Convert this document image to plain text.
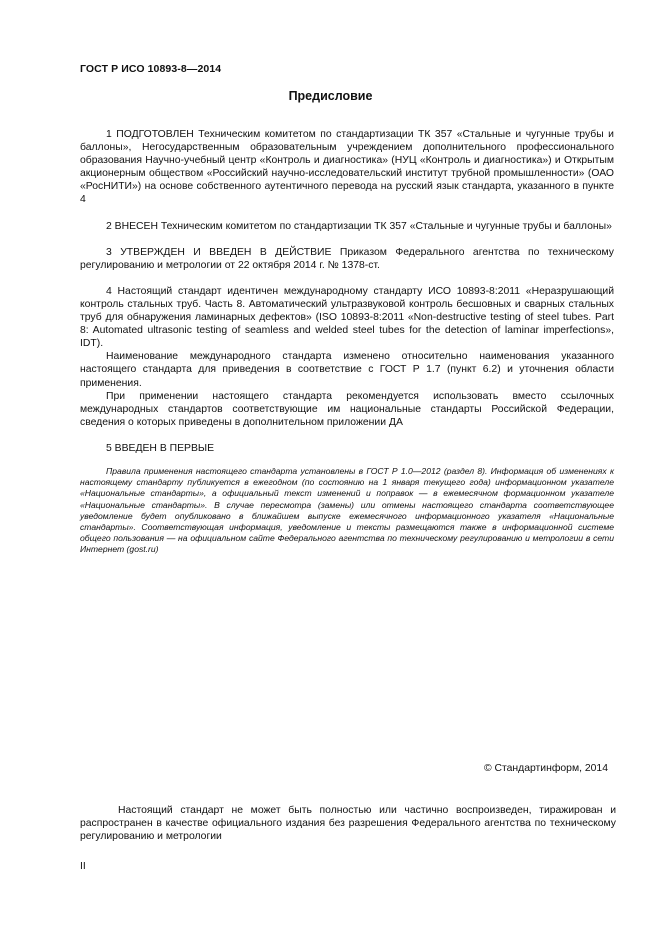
ГОСТ Р ИСО 10893-8—2014
Предисловие

1 ПОДГОТОВЛЕН Техническим комитетом по стандартизации ТК 357 «Стальные и чугунные трубы и баллоны», Негосударственным образовательным учреждением дополнительного профессионального образования Научно-учебный центр «Контроль и диагностика» (НУЦ «Контроль и диагностика») и Открытым акционерным обществом «Российский научно-исследовательский институт трубной промышленности» (ОАО «РосНИТИ») на основе собственного аутентичного перевода на русский язык стандарта, указанного в пункте 4

2 ВНЕСЕН Техническим комитетом по стандартизации ТК 357 «Стальные и чугунные трубы и баллоны»

3 УТВЕРЖДЕН И ВВЕДЕН В ДЕЙСТВИЕ Приказом Федерального агентства по техническому регулированию и метрологии от 22 октября 2014 г. № 1378-ст.

4 Настоящий стандарт идентичен международному стандарту ИСО 10893-8:2011 «Неразрушающий контроль стальных труб. Часть 8. Автоматический ультразвуковой контроль бесшовных и сварных стальных труб для обнаружения ламинарных дефектов» (ISO 10893-8:2011 «Non-destructive testing of steel tubes. Part 8: Automated ultrasonic testing of seamless and welded steel tubes for the detection of laminar imperfections», IDT).

Наименование международного стандарта изменено относительно наименования указанного настоящего стандарта для приведения в соответствие с ГОСТ Р 1.7 (пункт 6.2) и уточнения области применения.

При применении настоящего стандарта рекомендуется использовать вместо ссылочных международных стандартов соответствующие им национальные стандарты Российской Федерации, сведения о которых приведены в дополнительном приложении ДА

5 ВВЕДЕН В ПЕРВЫЕ

Правила применения настоящего стандарта установлены в ГОСТ Р 1.0—2012 (раздел 8). Информация об изменениях к настоящему стандарту публикуется в ежегодном (по состоянию на 1 января текущего года) информационном указателе «Национальные стандарты», а официальный текст изменений и поправок — в ежемесячном формационном указателе «Национальные стандарты». В случае пересмотра (замены) или отмены настоящего стандарта соответствующее уведомление будет опубликовано в ближайшем выпуске ежемесячного информационного указателя «Национальные стандарты». Соответствующая информация, уведомление и тексты размещаются также в информационной системе общего пользования — на официальном сайте Федерального агентства по техническому регулированию и метрологии в сети Интернет (gost.ru)

© Стандартинформ, 2014

Настоящий стандарт не может быть полностью или частично воспроизведен, тиражирован и распространен в качестве официального издания без разрешения Федерального агентства по техническому регулированию и метрологии

II
